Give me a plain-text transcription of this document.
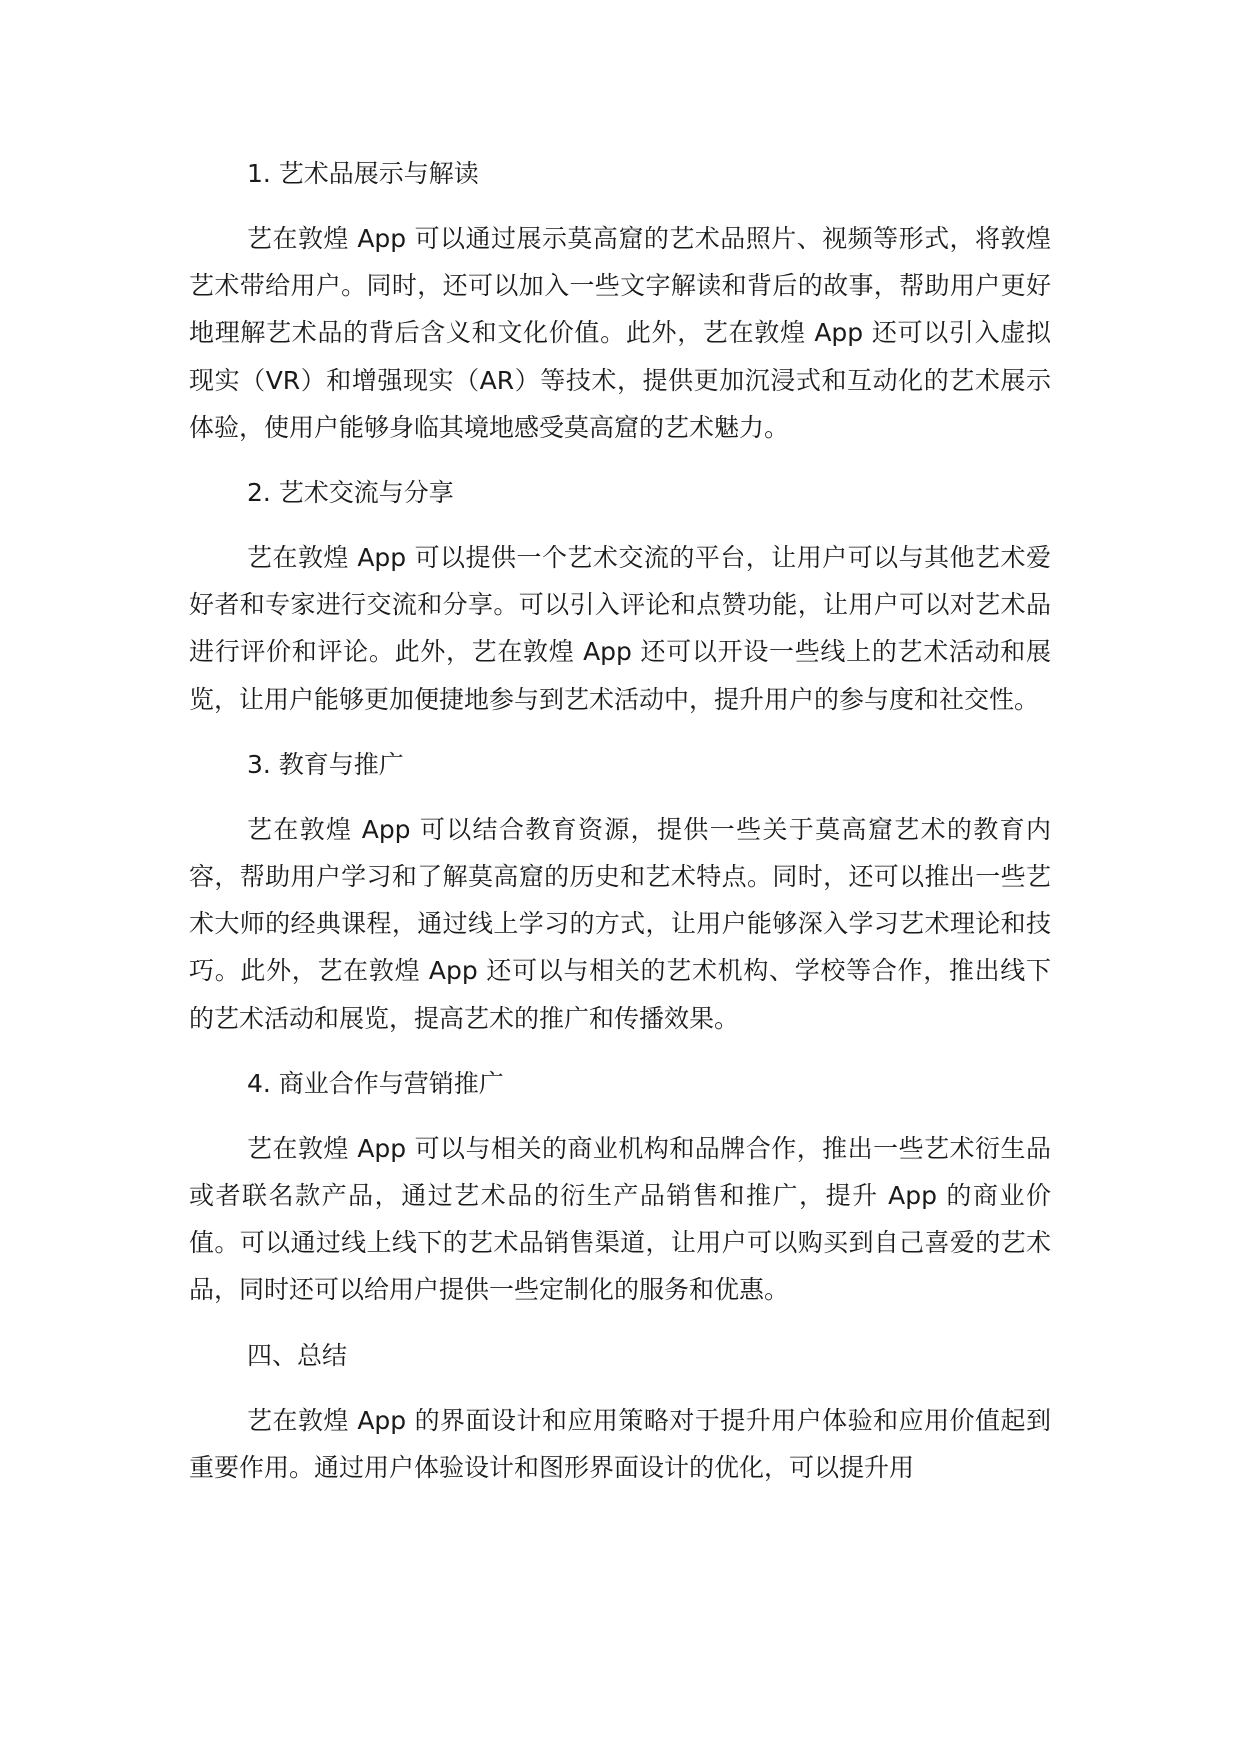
1. 艺术品展示与解读
艺在敦煌 App 可以通过展示莫高窟的艺术品照片、视频等形式，将敦煌艺术带给用户。同时，还可以加入一些文字解读和背后的故事，帮助用户更好地理解艺术品的背后含义和文化价值。此外，艺在敦煌 App 还可以引入虚拟现实（VR）和增强现实（AR）等技术，提供更加沉浸式和互动化的艺术展示体验，使用户能够身临其境地感受莫高窟的艺术魅力。
2. 艺术交流与分享
艺在敦煌 App 可以提供一个艺术交流的平台，让用户可以与其他艺术爱好者和专家进行交流和分享。可以引入评论和点赞功能，让用户可以对艺术品进行评价和评论。此外，艺在敦煌 App 还可以开设一些线上的艺术活动和展览，让用户能够更加便捷地参与到艺术活动中，提升用户的参与度和社交性。
3. 教育与推广
艺在敦煌 App 可以结合教育资源，提供一些关于莫高窟艺术的教育内容，帮助用户学习和了解莫高窟的历史和艺术特点。同时，还可以推出一些艺术大师的经典课程，通过线上学习的方式，让用户能够深入学习艺术理论和技巧。此外，艺在敦煌 App 还可以与相关的艺术机构、学校等合作，推出线下的艺术活动和展览，提高艺术的推广和传播效果。
4. 商业合作与营销推广
艺在敦煌 App 可以与相关的商业机构和品牌合作，推出一些艺术衍生品或者联名款产品，通过艺术品的衍生产品销售和推广，提升 App 的商业价值。可以通过线上线下的艺术品销售渠道，让用户可以购买到自己喜爱的艺术品，同时还可以给用户提供一些定制化的服务和优惠。
四、总结
艺在敦煌 App 的界面设计和应用策略对于提升用户体验和应用价值起到重要作用。通过用户体验设计和图形界面设计的优化，可以提升用
